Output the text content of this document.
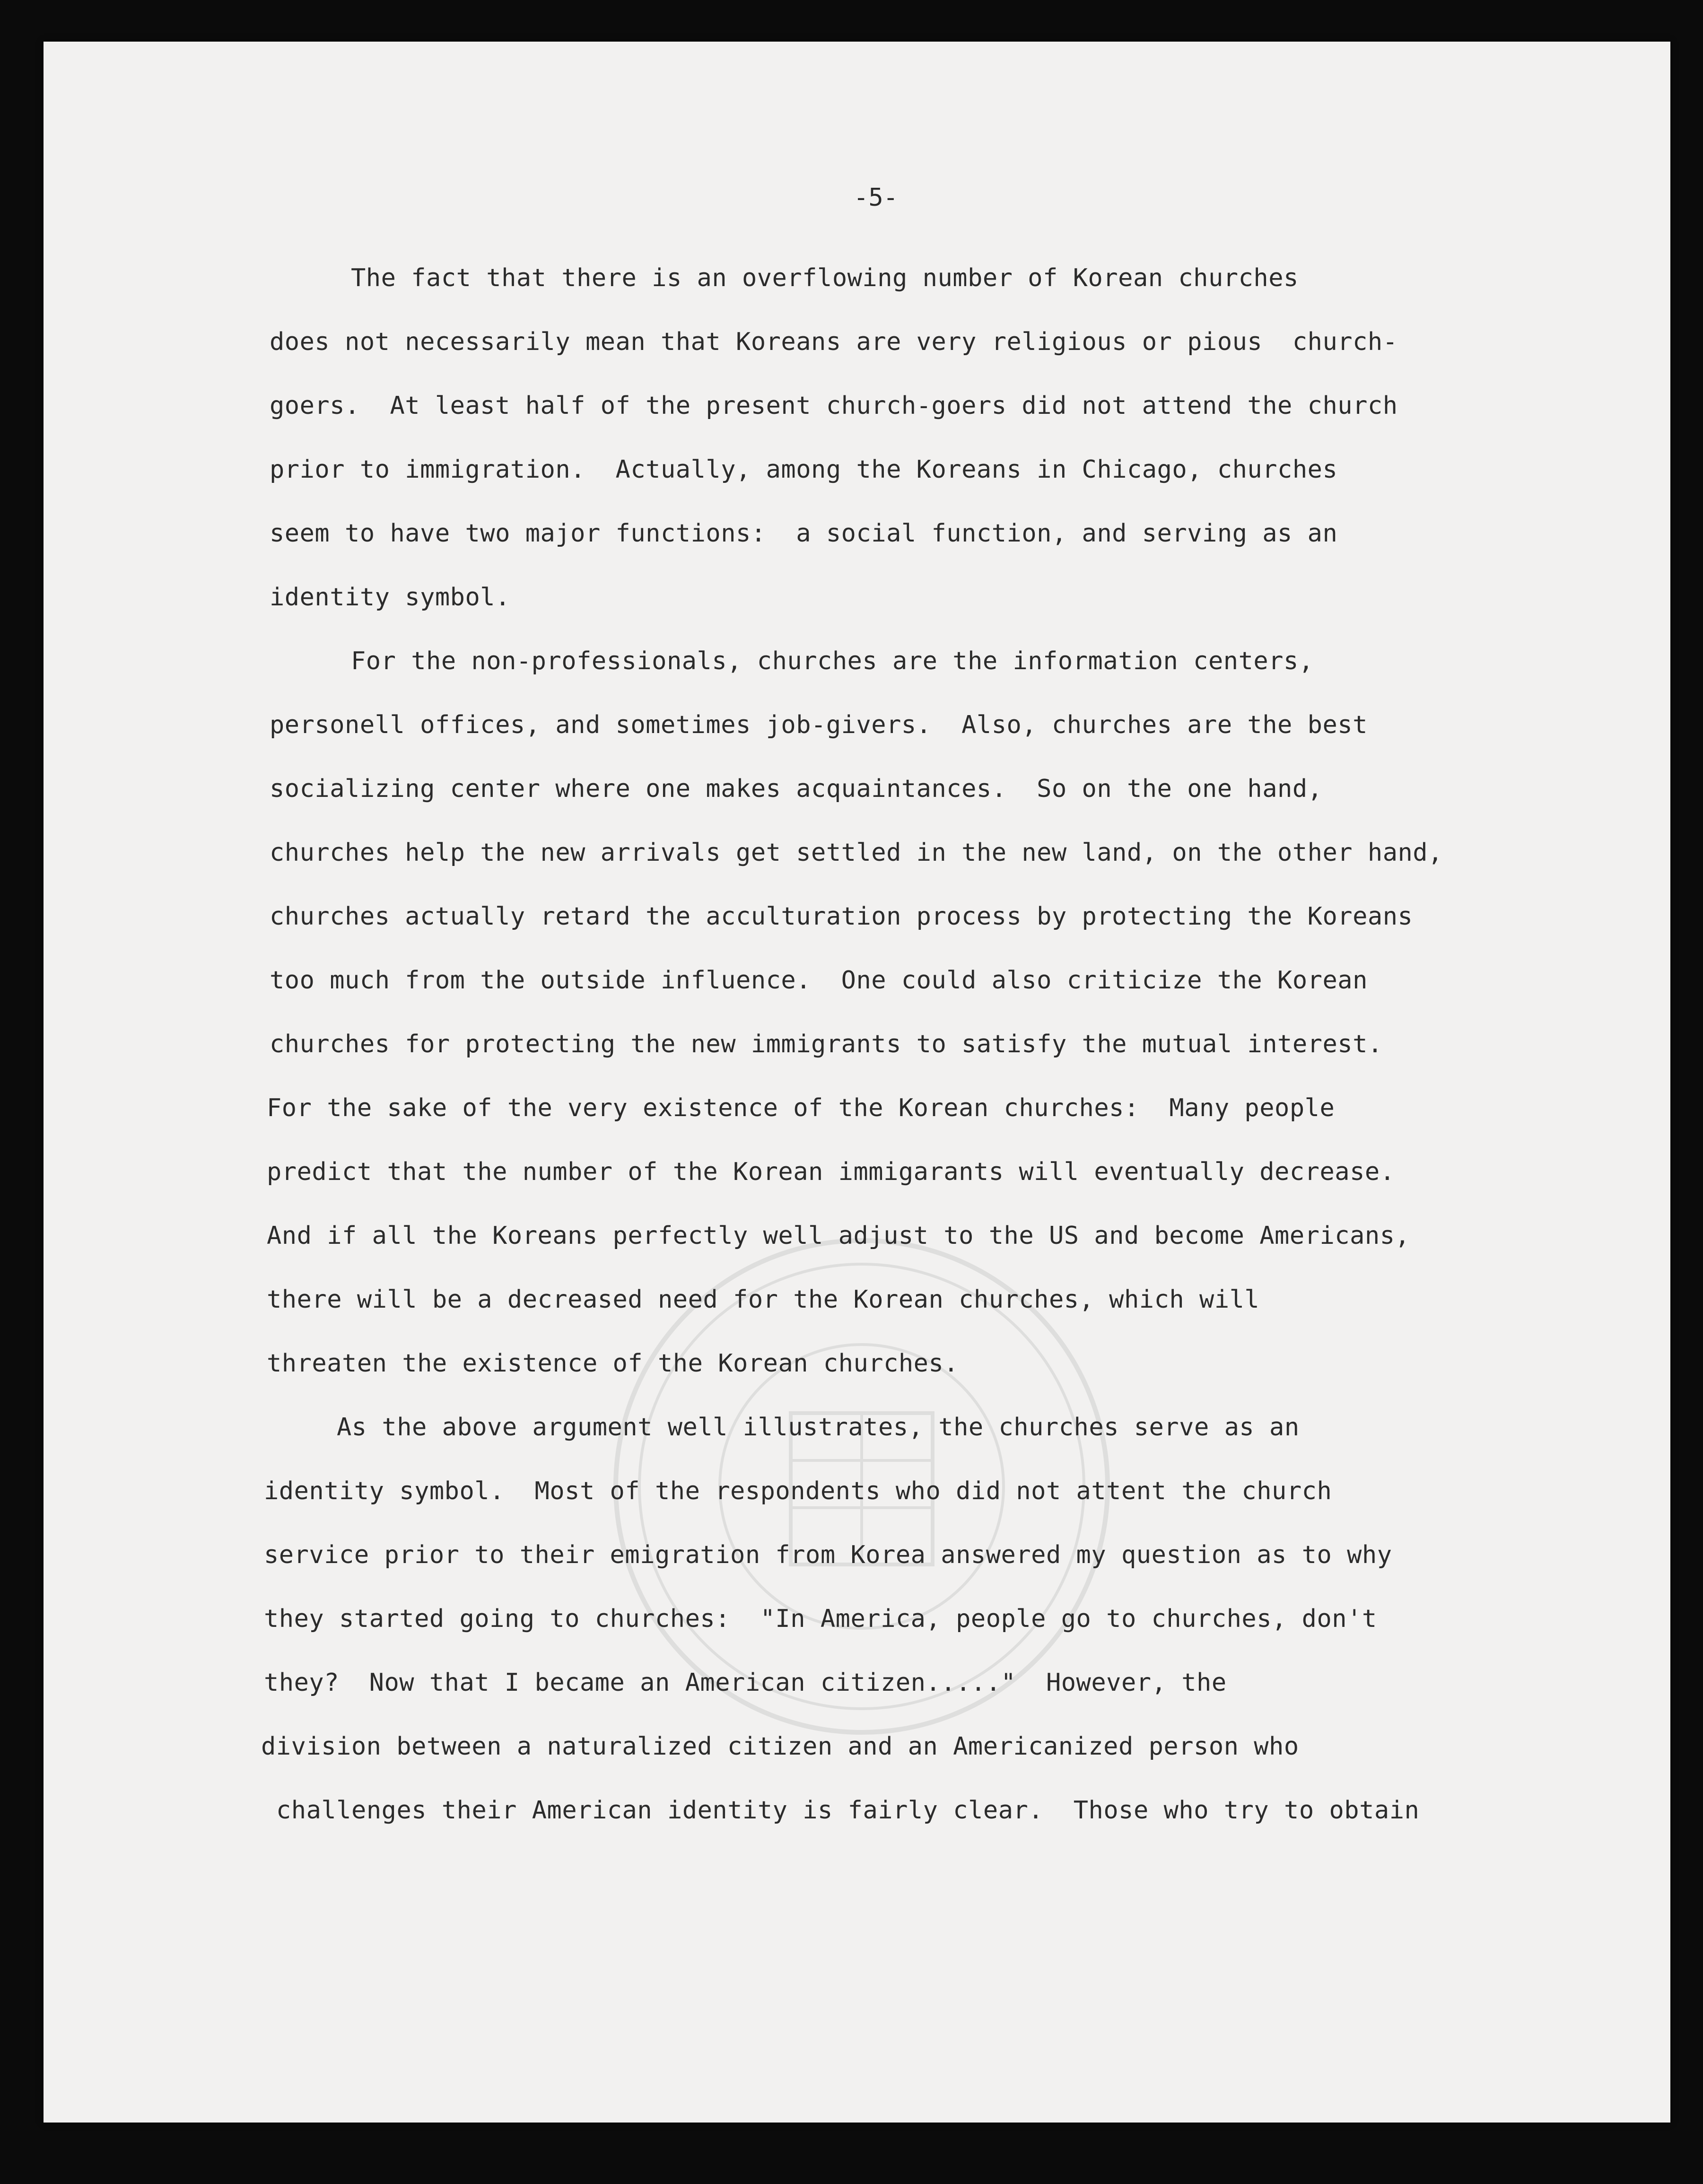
-5-
The fact that there is an overflowing number of Korean churches
does not necessarily mean that Koreans are very religious or pious  church-
goers.  At least half of the present church-goers did not attend the church
prior to immigration.  Actually, among the Koreans in Chicago, churches
seem to have two major functions:  a social function, and serving as an
identity symbol.
For the non-professionals, churches are the information centers,
personell offices, and sometimes job-givers.  Also, churches are the best
socializing center where one makes acquaintances.  So on the one hand,
churches help the new arrivals get settled in the new land, on the other hand,
churches actually retard the acculturation process by protecting the Koreans
too much from the outside influence.  One could also criticize the Korean
churches for protecting the new immigrants to satisfy the mutual interest.
For the sake of the very existence of the Korean churches:  Many people
predict that the number of the Korean immigarants will eventually decrease.
And if all the Koreans perfectly well adjust to the US and become Americans,
there will be a decreased need for the Korean churches, which will
threaten the existence of the Korean churches.
As the above argument well illustrates, the churches serve as an
identity symbol.  Most of the respondents who did not attent the church
service prior to their emigration from Korea answered my question as to why
they started going to churches:  "In America, people go to churches, don't
they?  Now that I became an American citizen....."  However, the
division between a naturalized citizen and an Americanized person who
challenges their American identity is fairly clear.  Those who try to obtain
